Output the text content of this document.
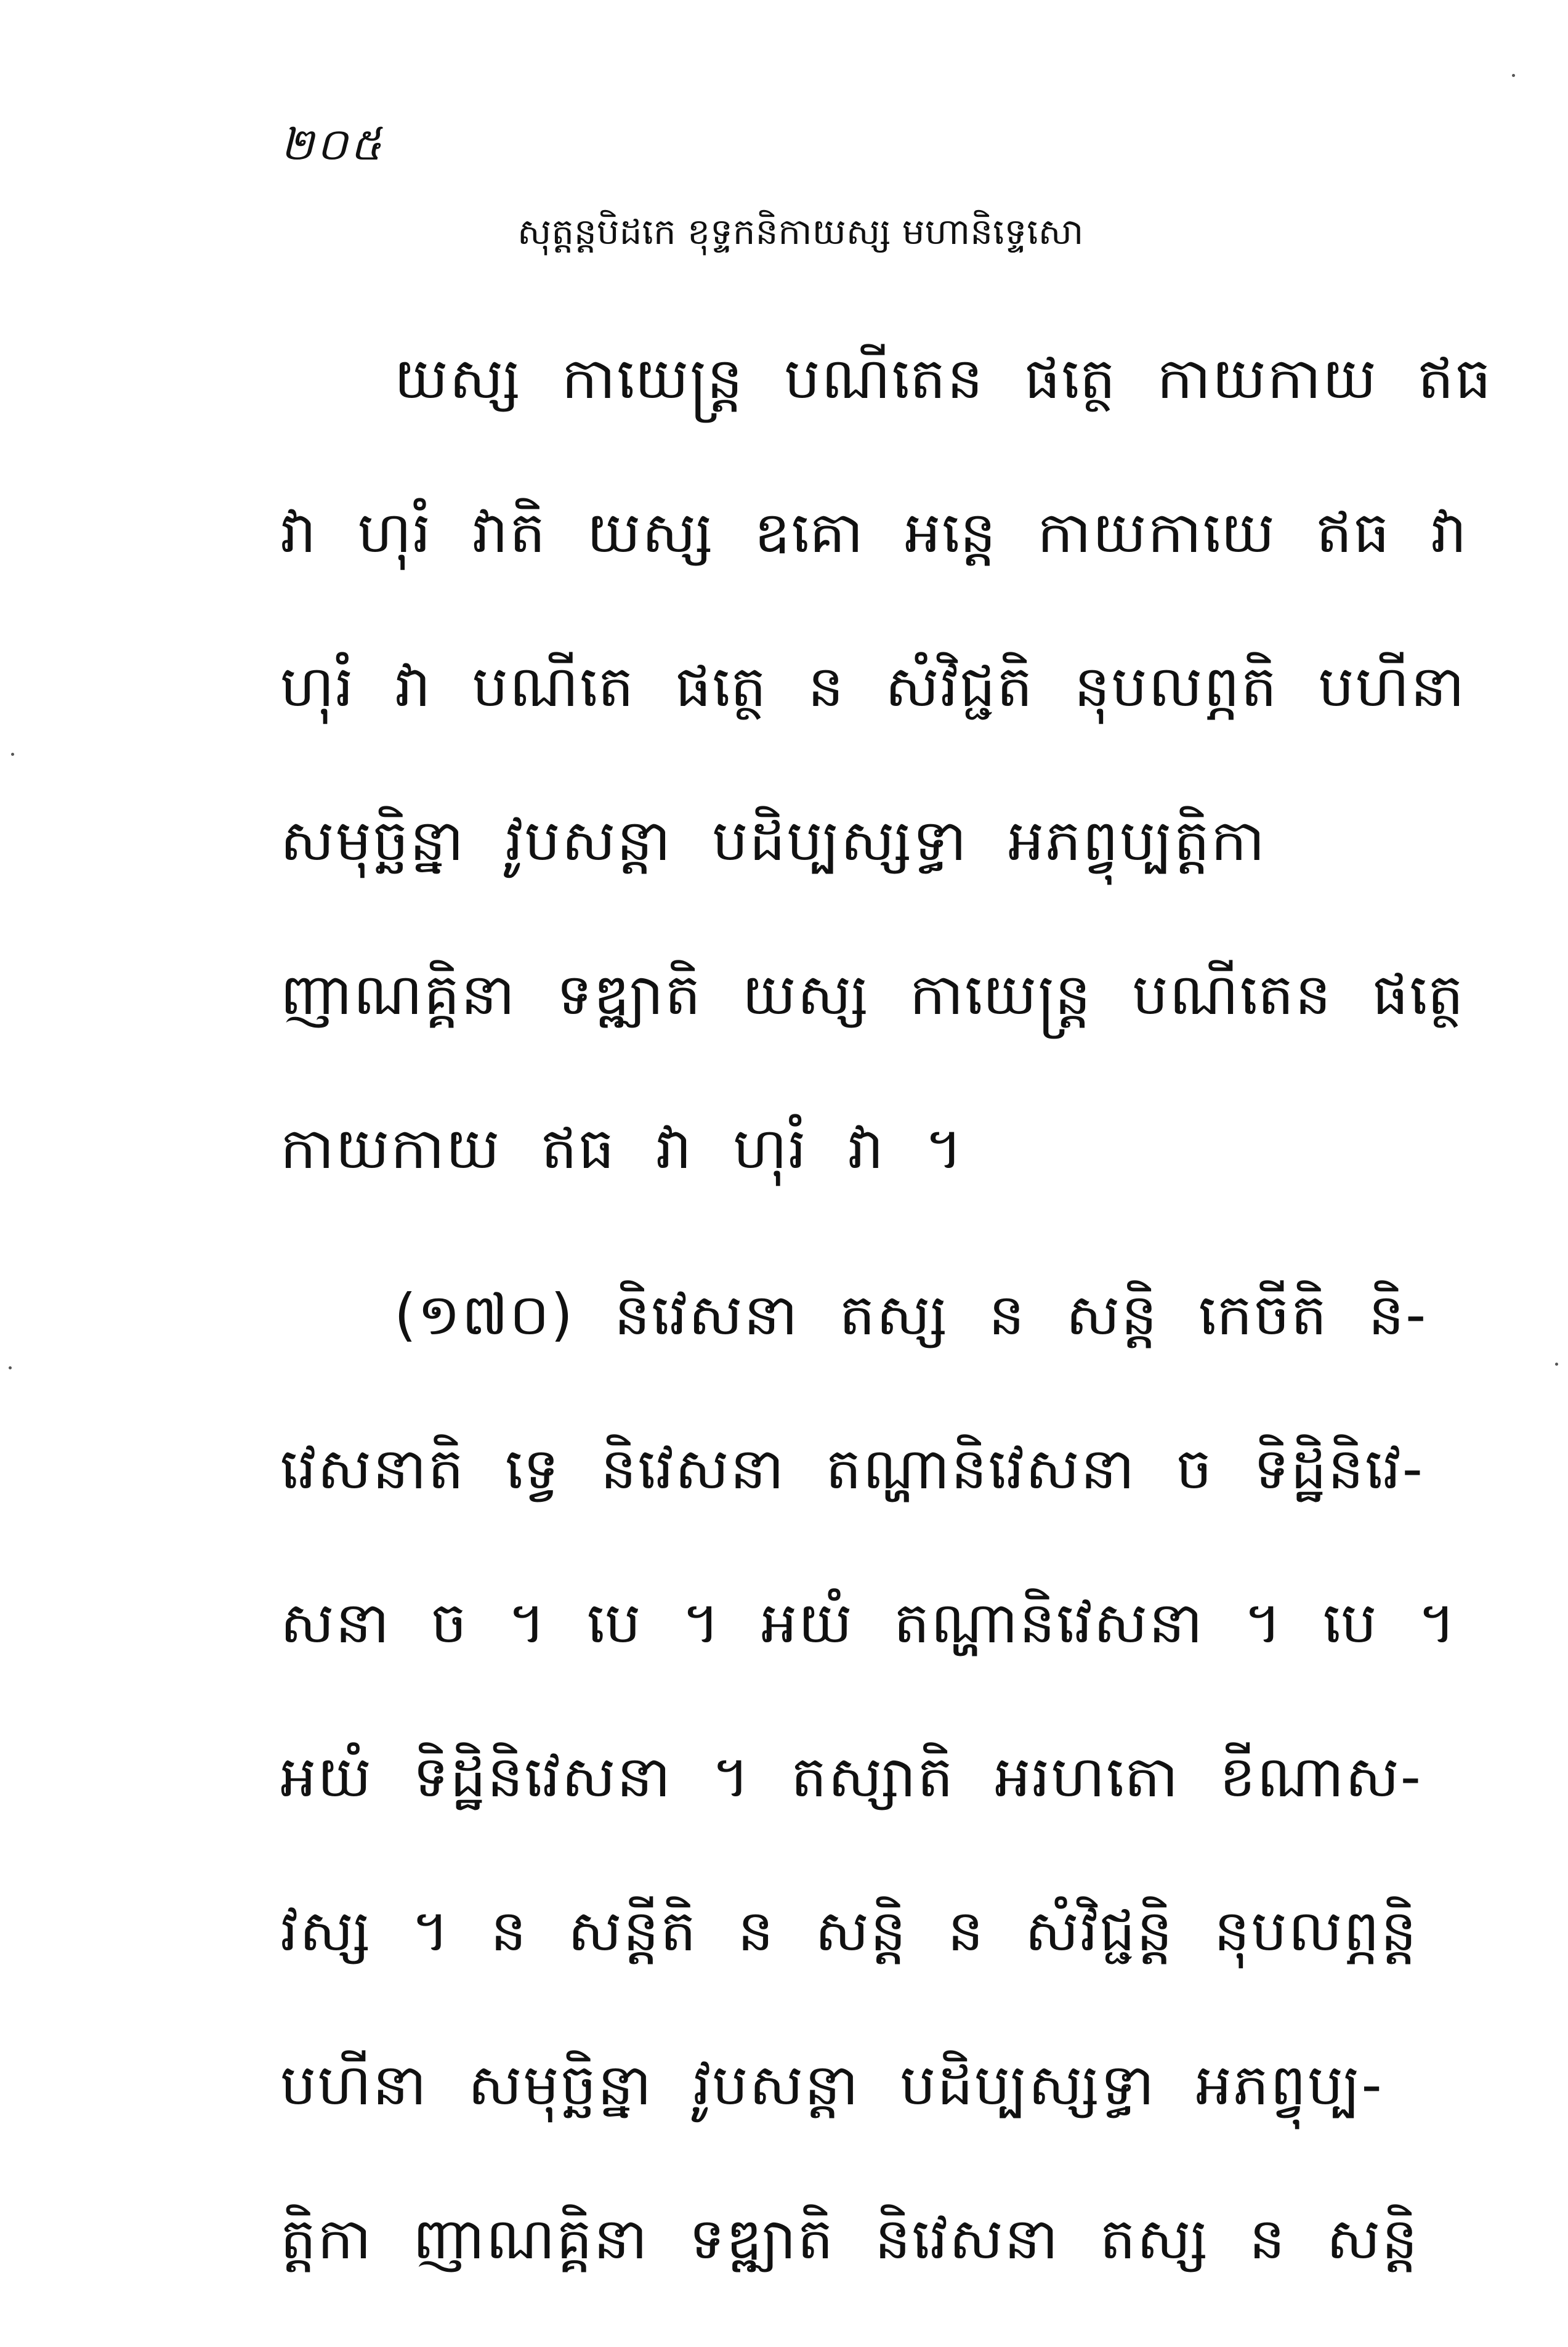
២០៥
សុត្តន្តបិដកេ ខុទ្ទកនិកាយស្ស មហានិទ្ទេសោ
យស្ស កាយេន្ត្រ បណីតេន ផត្ថេ កាយកាយ ឥធ
វា ហុរំ វាតិ យស្ស ឧគោ អន្តេ កាយកាយេ ឥធ វា
ហុរំ វា បណីតេ ផត្ថេ ន សំវិជ្ជតិ នុបលព្ភតិ បហីនា
សមុច្ឆិន្នា វូបសន្តា បដិប្បស្សទ្ធា អភព្វុប្បត្តិកា
ញាណគ្គិនា ទឌ្ឍាតិ យស្ស កាយេន្ត្រ បណីតេន ផត្ថេ
កាយកាយ ឥធ វា ហុរំ វា ។
(១៧០) និវេសនា តស្ស ន សន្តិ កេចីតិ និ-
វេសនាតិ ទ្វេ និវេសនា តណ្ហានិវេសនា ច ទិដ្ឋិនិវេ-
សនា ច ។ បេ ។ អយំ តណ្ហានិវេសនា ។ បេ ។
អយំ ទិដ្ឋិនិវេសនា ។ តស្សាតិ អរហតោ ខីណាស-
វស្ស ។ ន សន្តីតិ ន សន្តិ ន សំវិជ្ជន្តិ នុបលព្ភន្តិ
បហីនា សមុច្ឆិន្នា វូបសន្តា បដិប្បស្សទ្ធា អភព្វុប្ប-
ត្តិកា ញាណគ្គិនា ទឌ្ឍាតិ និវេសនា តស្ស ន សន្តិ
